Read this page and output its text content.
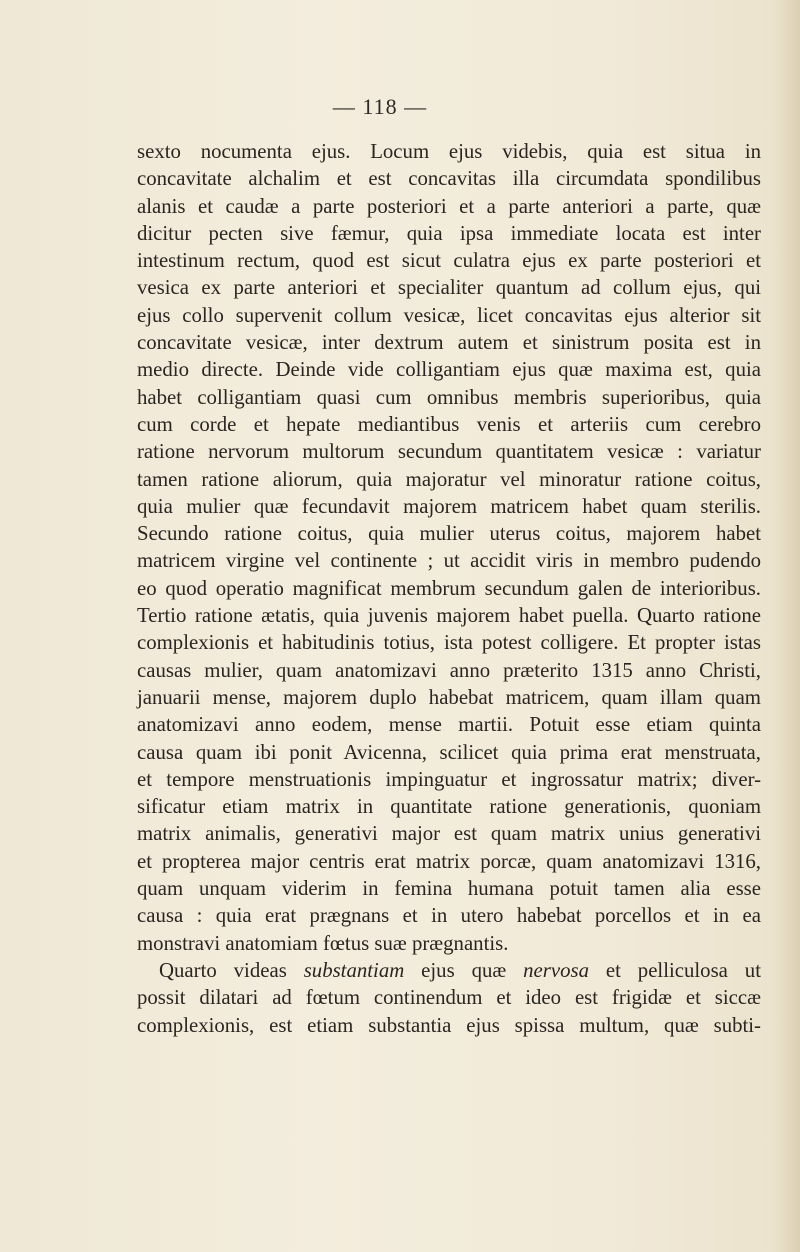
— 118 —
sexto nocumenta ejus. Locum ejus videbis, quia est situa in
concavitate alchalim et est concavitas illa circumdata spondilibus
alanis et caudæ a parte posteriori et a parte anteriori a parte, quæ
dicitur pecten sive fæmur, quia ipsa immediate locata est inter
intestinum rectum, quod est sicut culatra ejus ex parte posteriori et
vesica ex parte anteriori et specialiter quantum ad collum ejus, qui
ejus collo supervenit collum vesicæ, licet concavitas ejus alterior sit
concavitate vesicæ, inter dextrum autem et sinistrum posita est in
medio directe. Deinde vide colligantiam ejus quæ maxima est, quia
habet colligantiam quasi cum omnibus membris superioribus, quia
cum corde et hepate mediantibus venis et arteriis cum cerebro
ratione nervorum multorum secundum quantitatem vesicæ : variatur
tamen ratione aliorum, quia majoratur vel minoratur ratione coitus,
quia mulier quæ fecundavit majorem matricem habet quam sterilis.
Secundo ratione coitus, quia mulier uterus coitus, majorem habet
matricem virgine vel continente ; ut accidit viris in membro pudendo
eo quod operatio magnificat membrum secundum galen de interioribus.
Tertio ratione ætatis, quia juvenis majorem habet puella. Quarto ratione
complexionis et habitudinis totius, ista potest colligere. Et propter istas
causas mulier, quam anatomizavi anno præterito 1315 anno Christi,
januarii mense, majorem duplo habebat matricem, quam illam quam
anatomizavi anno eodem, mense martii. Potuit esse etiam quinta
causa quam ibi ponit Avicenna, scilicet quia prima erat menstruata,
et tempore menstruationis impinguatur et ingrossatur matrix; diver-
sificatur etiam matrix in quantitate ratione generationis, quoniam
matrix animalis, generativi major est quam matrix unius generativi
et propterea major centris erat matrix porcæ, quam anatomizavi 1316,
quam unquam viderim in femina humana potuit tamen alia esse
causa : quia erat prægnans et in utero habebat porcellos et in ea
monstravi anatomiam fœtus suæ prægnantis.
Quarto videas substantiam ejus quæ nervosa et pelliculosa ut
possit dilatari ad fœtum continendum et ideo est frigidæ et siccæ
complexionis, est etiam substantia ejus spissa multum, quæ subti-
